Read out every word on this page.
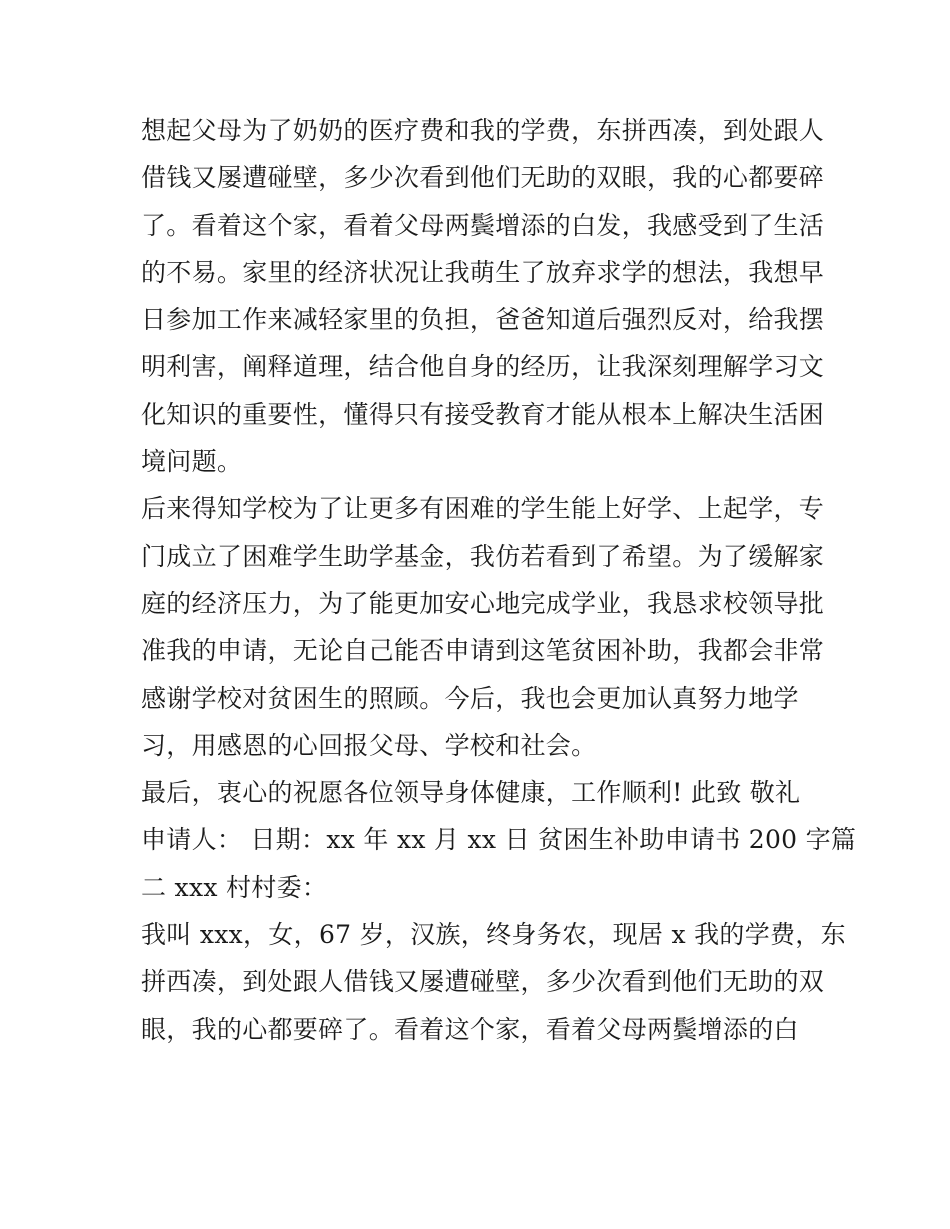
想起父母为了奶奶的医疗费和我的学费，东拼西凑，到处跟人
借钱又屡遭碰壁，多少次看到他们无助的双眼，我的心都要碎
了。看着这个家，看着父母两鬓增添的白发，我感受到了生活
的不易。家里的经济状况让我萌生了放弃求学的想法，我想早
日参加工作来减轻家里的负担，爸爸知道后强烈反对，给我摆
明利害，阐释道理，结合他自身的经历，让我深刻理解学习文
化知识的重要性，懂得只有接受教育才能从根本上解决生活困
境问题。
后来得知学校为了让更多有困难的学生能上好学、上起学，专
门成立了困难学生助学基金，我仿若看到了希望。为了缓解家
庭的经济压力，为了能更加安心地完成学业，我恳求校领导批
准我的申请，无论自己能否申请到这笔贫困补助，我都会非常
感谢学校对贫困生的照顾。今后，我也会更加认真努力地学
习，用感恩的心回报父母、学校和社会。
最后，衷心的祝愿各位领导身体健康，工作顺利! 此致 敬礼
申请人： 日期：xx 年 xx 月 xx 日 贫困生补助申请书 200 字篇
二 xxx 村村委：
我叫 xxx，女，67 岁，汉族，终身务农，现居 x 我的学费，东
拼西凑，到处跟人借钱又屡遭碰壁，多少次看到他们无助的双
眼，我的心都要碎了。看着这个家，看着父母两鬓增添的白
